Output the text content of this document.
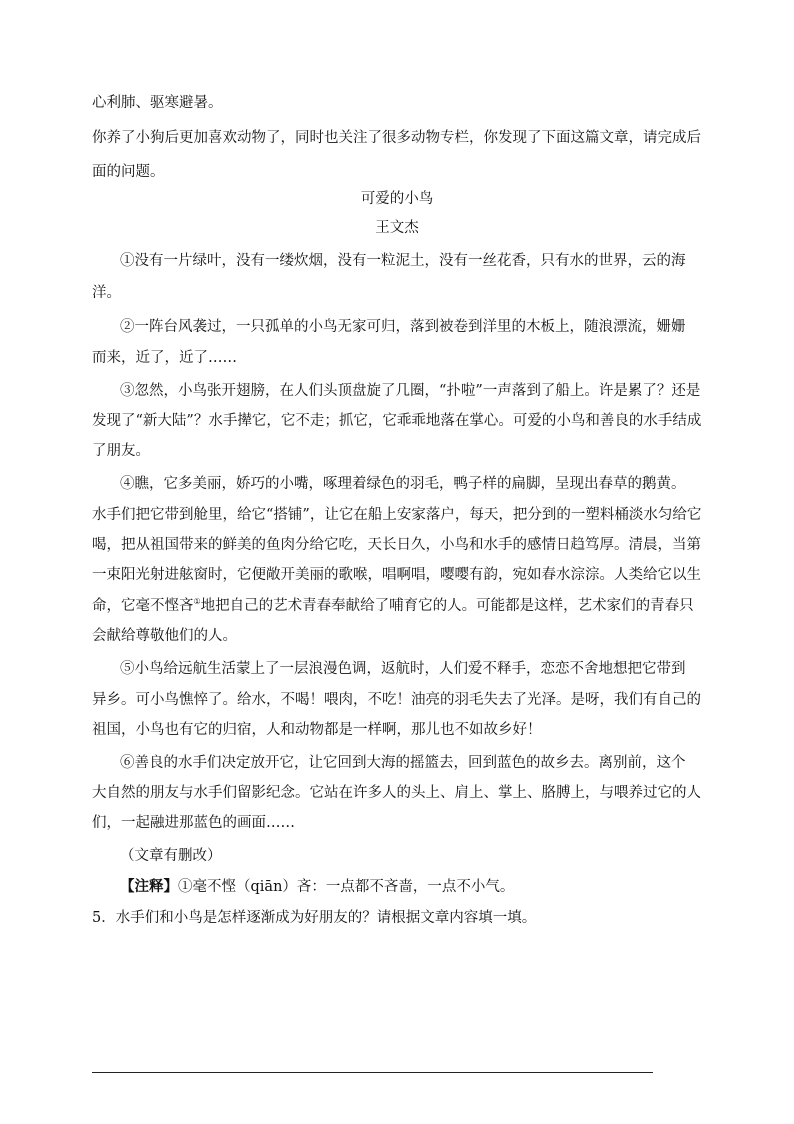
心利肺、驱寒避暑。
你养了小狗后更加喜欢动物了，同时也关注了很多动物专栏，你发现了下面这篇文章，请完成后
面的问题。
可爱的小鸟
王文杰
①没有一片绿叶，没有一缕炊烟，没有一粒泥土，没有一丝花香，只有水的世界，云的海
洋。
②一阵台风袭过，一只孤单的小鸟无家可归，落到被卷到洋里的木板上，随浪漂流，姗姗
而来，近了，近了……
③忽然，小鸟张开翅膀，在人们头顶盘旋了几圈，“扑啦”一声落到了船上。许是累了？还是
发现了“新大陆”？水手撵它，它不走；抓它，它乖乖地落在掌心。可爱的小鸟和善良的水手结成
了朋友。
④瞧，它多美丽，娇巧的小嘴，啄理着绿色的羽毛，鸭子样的扁脚，呈现出春草的鹅黄。
水手们把它带到舱里，给它“搭铺”，让它在船上安家落户，每天，把分到的一塑料桶淡水匀给它
喝，把从祖国带来的鲜美的鱼肉分给它吃，天长日久，小鸟和水手的感情日趋笃厚。清晨，当第
一束阳光射进舷窗时，它便敞开美丽的歌喉，唱啊唱，嘤嘤有韵，宛如春水淙淙。人类给它以生
命，它毫不悭吝①地把自己的艺术青春奉献给了哺育它的人。可能都是这样，艺术家们的青春只
会献给尊敬他们的人。
⑤小鸟给远航生活蒙上了一层浪漫色调，返航时，人们爱不释手，恋恋不舍地想把它带到
异乡。可小鸟憔悴了。给水，不喝！喂肉，不吃！油亮的羽毛失去了光泽。是呀，我们有自己的
祖国，小鸟也有它的归宿，人和动物都是一样啊，那儿也不如故乡好！
⑥善良的水手们决定放开它，让它回到大海的摇篮去，回到蓝色的故乡去。离别前，这个
大自然的朋友与水手们留影纪念。它站在许多人的头上、肩上、掌上、胳膊上，与喂养过它的人
们，一起融进那蓝色的画面……
（文章有删改）
【注释】①毫不悭（qiān）吝：一点都不吝啬，一点不小气。
5．水手们和小鸟是怎样逐渐成为好朋友的？请根据文章内容填一填。
